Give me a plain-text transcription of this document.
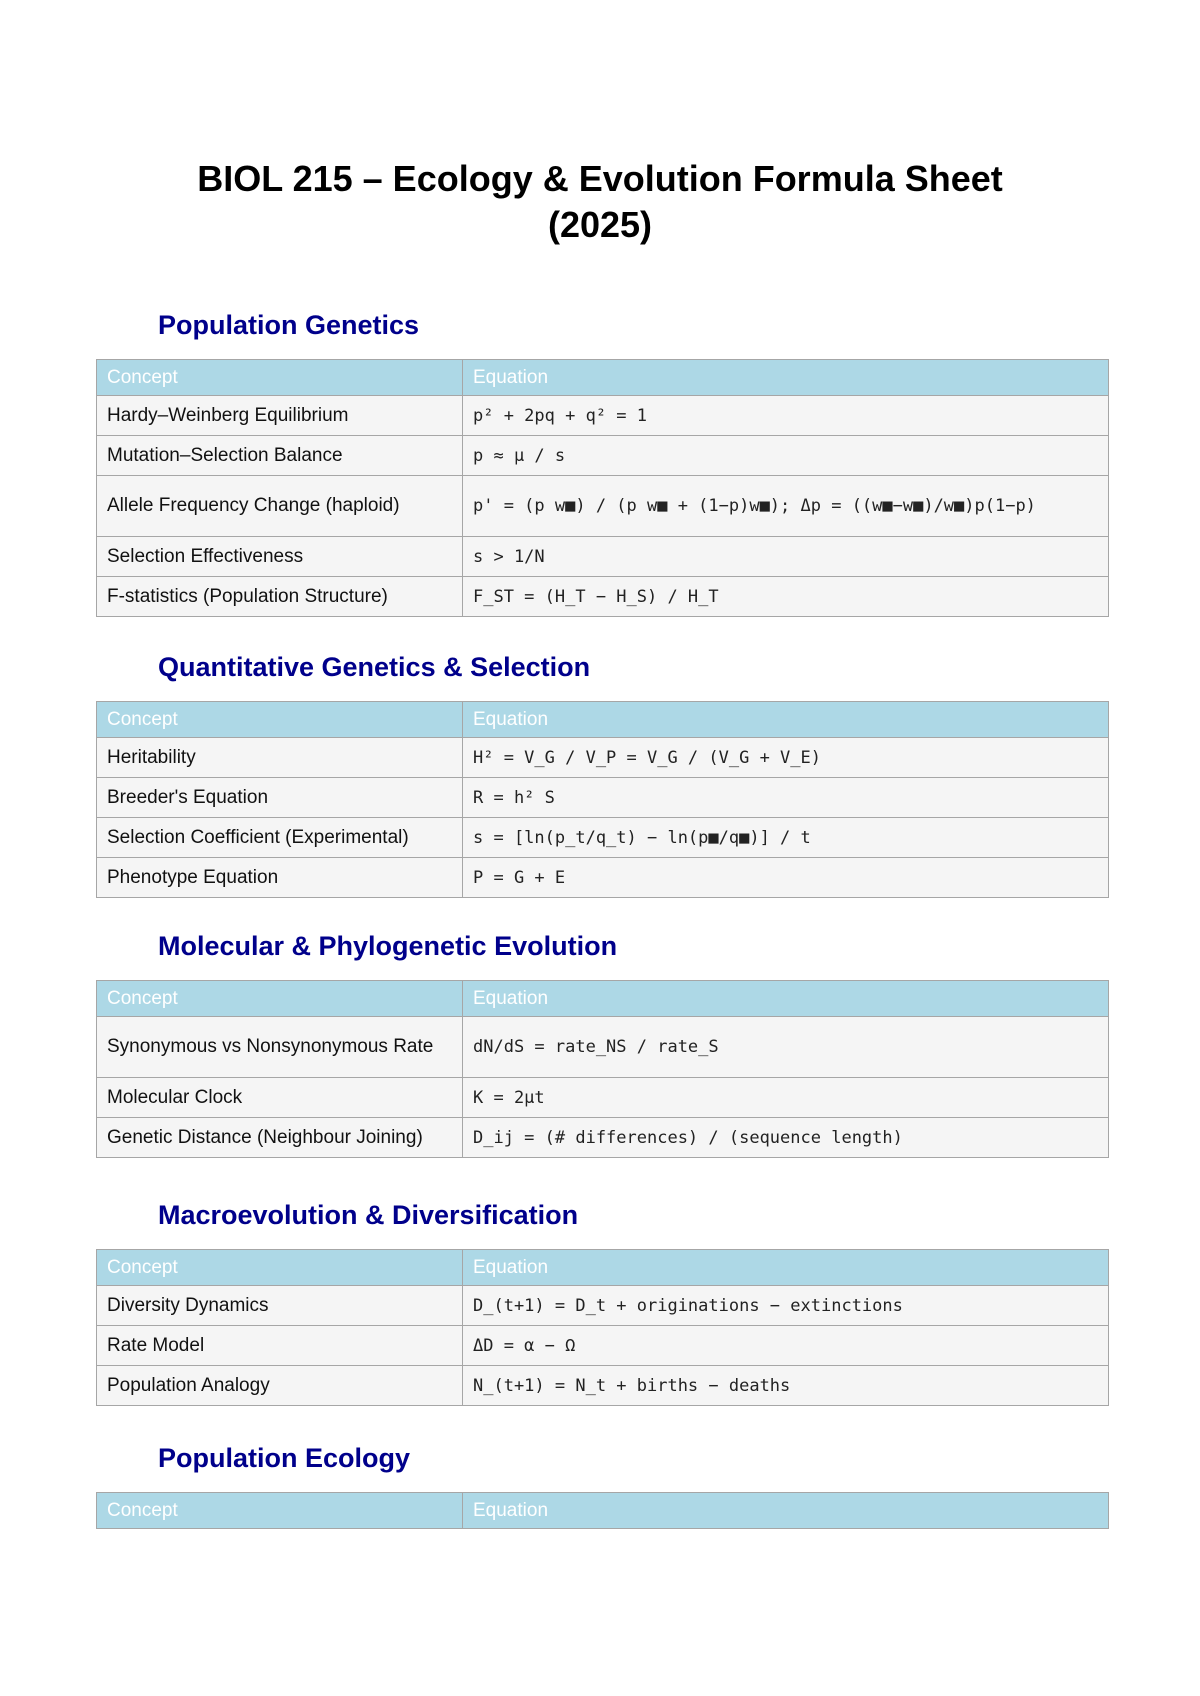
BIOL 215 – Ecology & Evolution Formula Sheet (2025)
Population Genetics
Concept	Equation
Hardy–Weinberg Equilibrium	p² + 2pq + q² = 1
Mutation–Selection Balance	p ≈ μ / s
Allele Frequency Change (haploid)	p' = (p w■) / (p w■ + (1−p)w■); Δp = ((w■−w■)/w■)p(1−p)
Selection Effectiveness	s > 1/N
F-statistics (Population Structure)	F_ST = (H_T − H_S) / H_T
Quantitative Genetics & Selection
Concept	Equation
Heritability	H² = V_G / V_P = V_G / (V_G + V_E)
Breeder's Equation	R = h² S
Selection Coefficient (Experimental)	s = [ln(p_t/q_t) − ln(p■/q■)] / t
Phenotype Equation	P = G + E
Molecular & Phylogenetic Evolution
Concept	Equation
Synonymous vs Nonsynonymous Rate	dN/dS = rate_NS / rate_S
Molecular Clock	K = 2μt
Genetic Distance (Neighbour Joining)	D_ij = (# differences) / (sequence length)
Macroevolution & Diversification
Concept	Equation
Diversity Dynamics	D_(t+1) = D_t + originations − extinctions
Rate Model	ΔD = α − Ω
Population Analogy	N_(t+1) = N_t + births − deaths
Population Ecology
Concept	Equation
